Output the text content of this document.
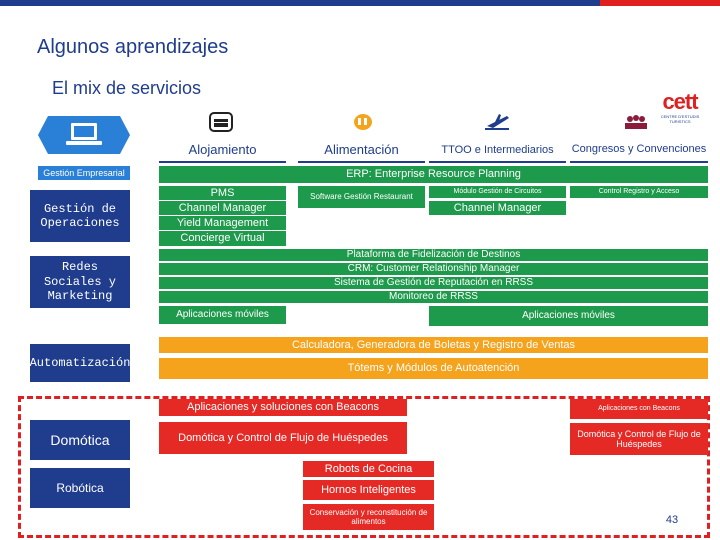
Algunos aprendizajes
El mix de servicios
cett
CENTRE D'ESTUDIS TURISTICS
Alojamiento	Alimentación	TTOO e Intermediarios	Congresos y Convenciones
Gestión Empresarial
Gestión de Operaciones
Redes Sociales y Marketing
Automatización
Domótica
Robótica
ERP: Enterprise Resource Planning
PMS
Channel Manager
Yield Management
Concierge Virtual
Software Gestión Restaurant
Módulo Gestión de Circuitos
Channel Manager
Control Registro y Acceso
Plataforma de Fidelización de Destinos
CRM: Customer Relationship Manager
Sistema de Gestión de Reputación en RRSS
Monitoreo de RRSS
Aplicaciones móviles	Aplicaciones móviles
Calculadora, Generadora de Boletas y Registro de Ventas
Tótems y Módulos de Autoatención
Aplicaciones y soluciones con Beacons	Aplicaciones con Beacons
Domótica y Control de Flujo de Huéspedes	Domótica y Control de Flujo de Huéspedes
Robots de Cocina
Hornos Inteligentes
Conservación y reconstitución de alimentos	43
